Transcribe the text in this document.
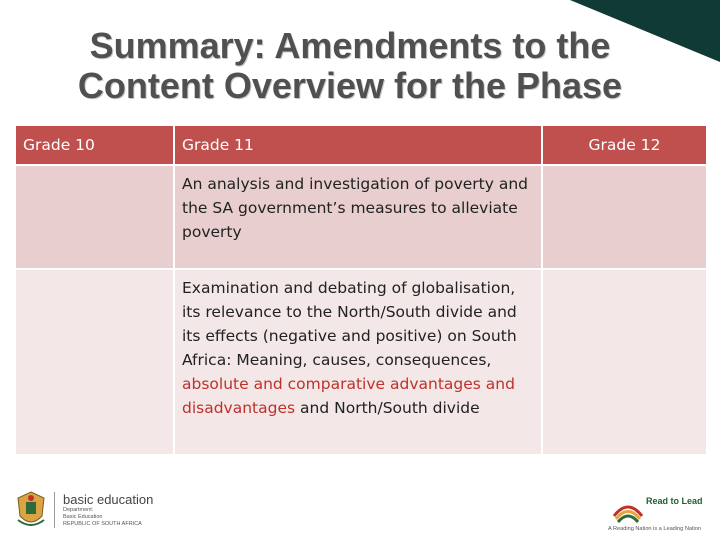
Summary: Amendments to the
Content Overview for the Phase
Grade 10	Grade 11	Grade 12
	An analysis and investigation of poverty and the SA government’s measures to alleviate poverty	
	Examination and debating of globalisation, its relevance to the North/South divide and its effects (negative and positive) on South Africa: Meaning, causes, consequences, absolute and comparative advantages and disadvantages and North/South divide	
basic education
Department:
Basic Education
REPUBLIC OF SOUTH AFRICA
Read to Lead
A Reading Nation is a Leading Nation
